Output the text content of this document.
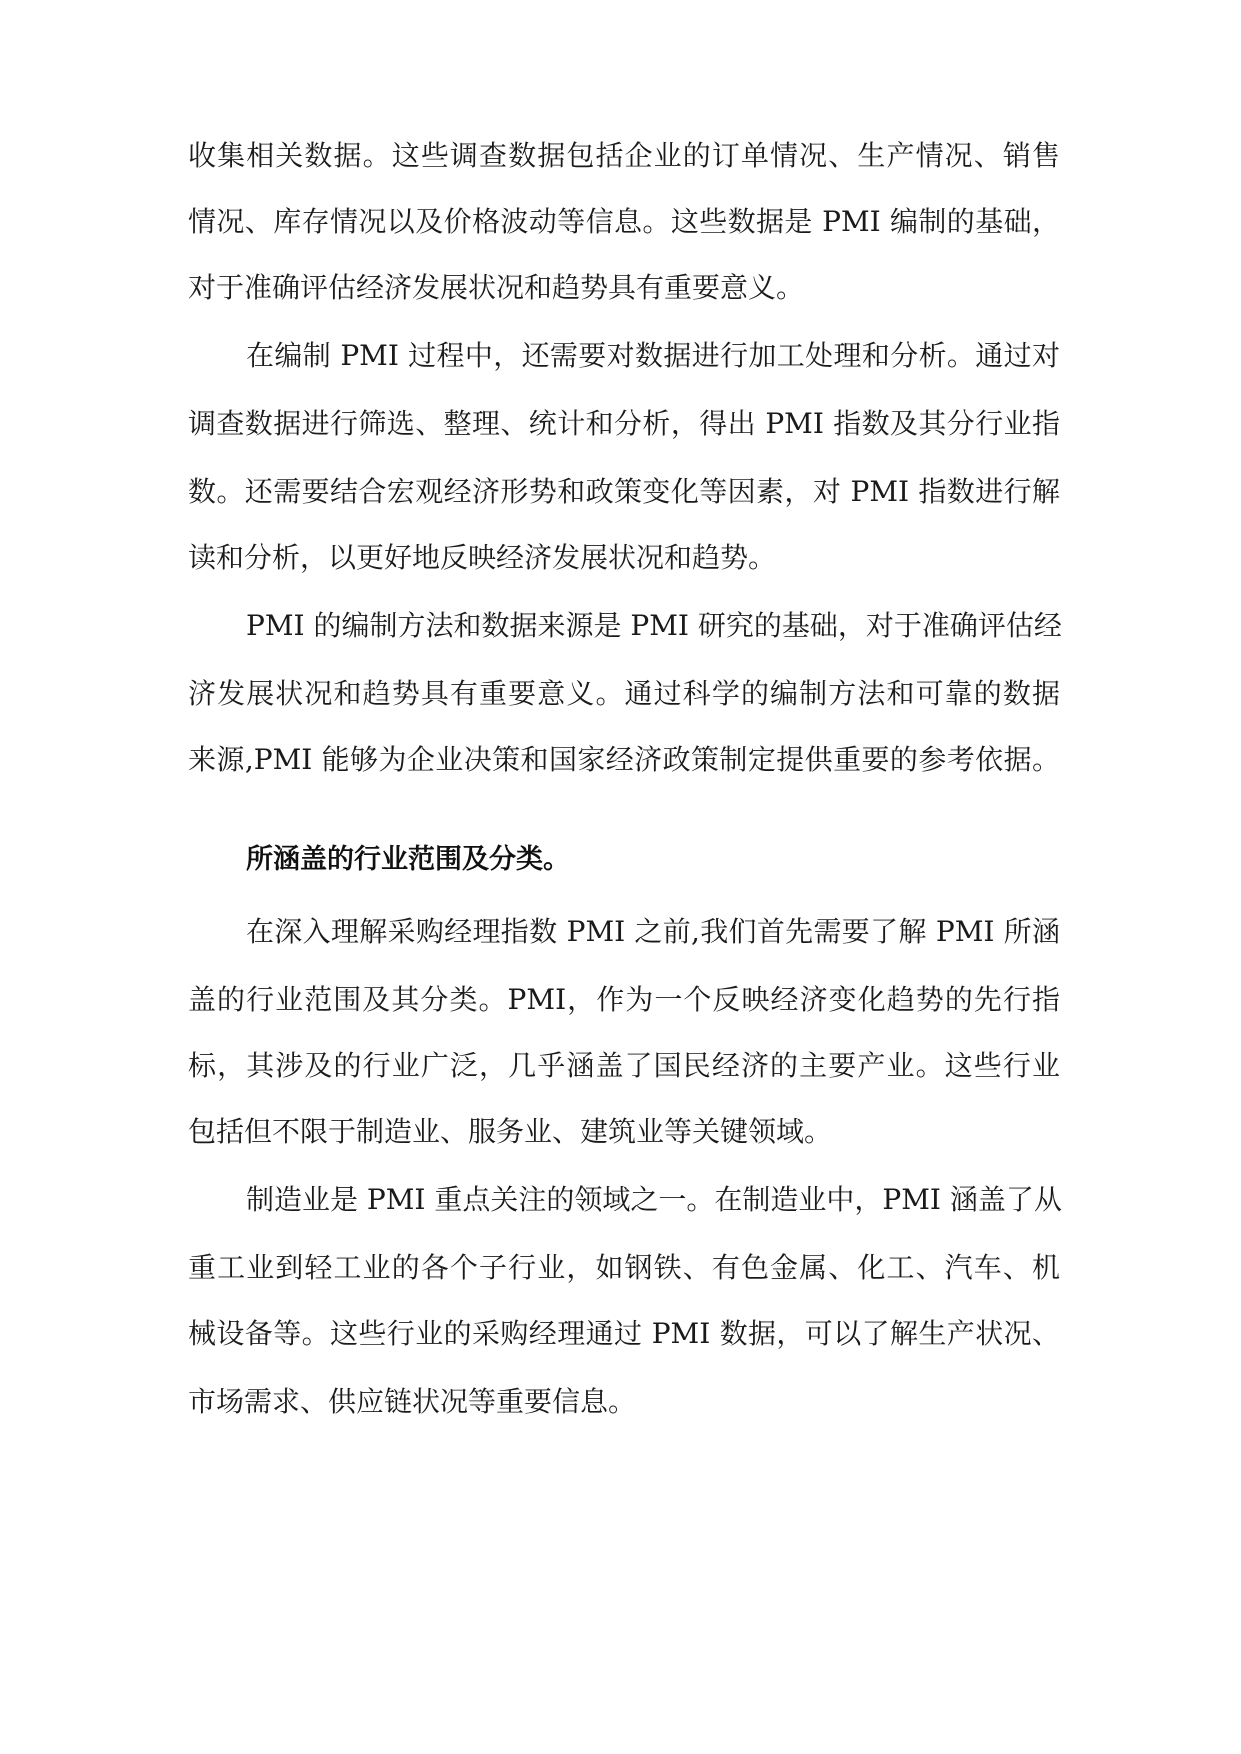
收集相关数据。这些调查数据包括企业的订单情况、生产情况、销售
情况、库存情况以及价格波动等信息。这些数据是 PMI 编制的基础，
对于准确评估经济发展状况和趋势具有重要意义。
在编制 PMI 过程中，还需要对数据进行加工处理和分析。通过对
调查数据进行筛选、整理、统计和分析，得出 PMI 指数及其分行业指
数。还需要结合宏观经济形势和政策变化等因素，对 PMI 指数进行解
读和分析，以更好地反映经济发展状况和趋势。
PMI 的编制方法和数据来源是 PMI 研究的基础，对于准确评估经
济发展状况和趋势具有重要意义。通过科学的编制方法和可靠的数据
来源,PMI 能够为企业决策和国家经济政策制定提供重要的参考依据。
所涵盖的行业范围及分类。
在深入理解采购经理指数 PMI 之前,我们首先需要了解 PMI 所涵
盖的行业范围及其分类。PMI，作为一个反映经济变化趋势的先行指
标，其涉及的行业广泛，几乎涵盖了国民经济的主要产业。这些行业
包括但不限于制造业、服务业、建筑业等关键领域。
制造业是 PMI 重点关注的领域之一。在制造业中，PMI 涵盖了从
重工业到轻工业的各个子行业，如钢铁、有色金属、化工、汽车、机
械设备等。这些行业的采购经理通过 PMI 数据，可以了解生产状况、
市场需求、供应链状况等重要信息。
